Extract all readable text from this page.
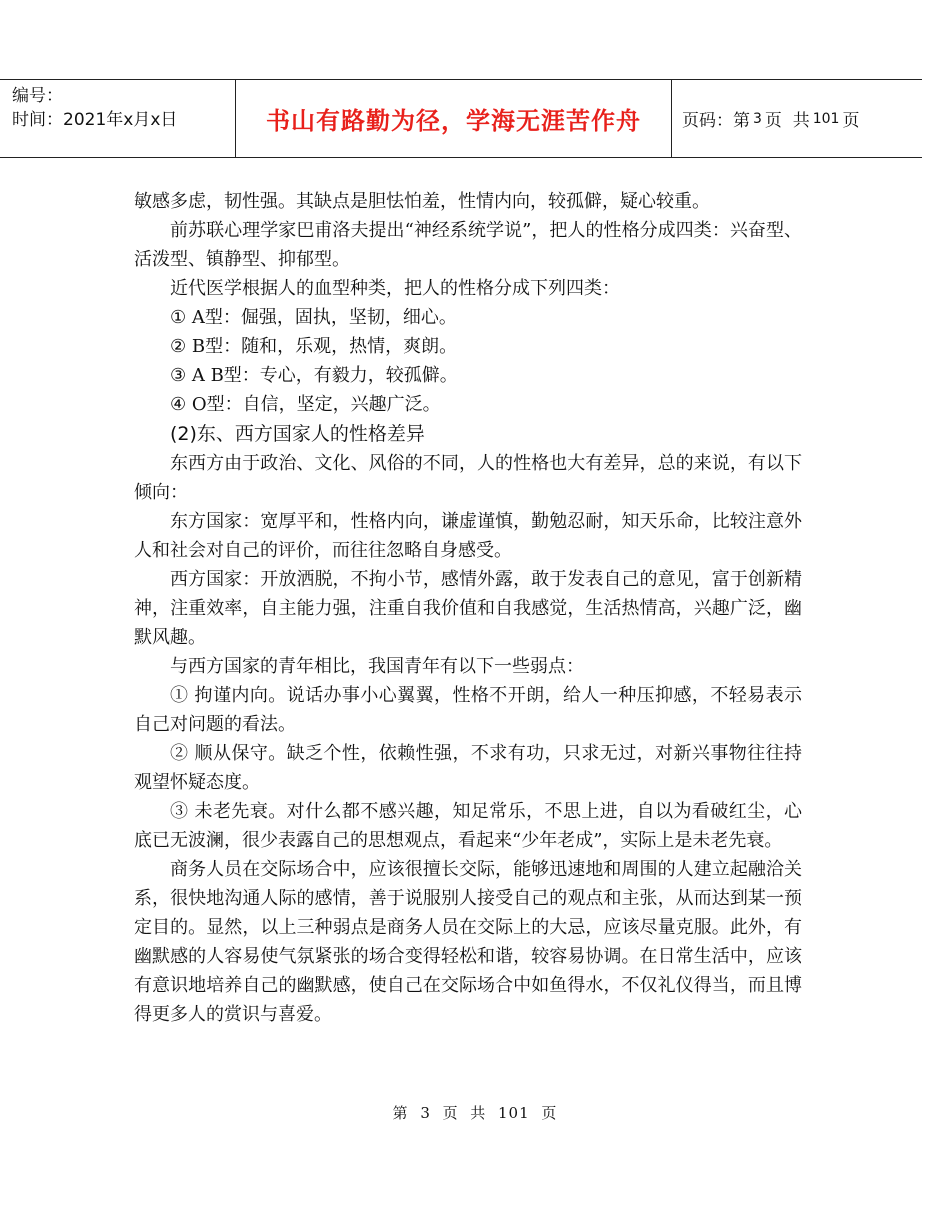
编号：
时间：2021年x月x日	书山有路勤为径，学海无涯苦作舟 页码：第 3 页  共 101 页

敏感多虑，韧性强。其缺点是胆怯怕羞，性情内向，较孤僻，疑心较重。

前苏联心理学家巴甫洛夫提出“神经系统学说”，把人的性格分成四类：兴奋型、活泼型、镇静型、抑郁型。

近代医学根据人的血型种类，把人的性格分成下列四类：

① A型：倔强，固执，坚韧，细心。

② B型：随和，乐观，热情，爽朗。

③ A B型：专心，有毅力，较孤僻。

④ O型：自信，坚定，兴趣广泛。

(2)东、西方国家人的性格差异

东西方由于政治、文化、风俗的不同，人的性格也大有差异，总的来说，有以下倾向：

东方国家：宽厚平和，性格内向，谦虚谨慎，勤勉忍耐，知天乐命，比较注意外人和社会对自己的评价，而往往忽略自身感受。

西方国家：开放洒脱，不拘小节，感情外露，敢于发表自己的意见，富于创新精神，注重效率，自主能力强，注重自我价值和自我感觉，生活热情高，兴趣广泛，幽默风趣。

与西方国家的青年相比，我国青年有以下一些弱点：

① 拘谨内向。说话办事小心翼翼，性格不开朗，给人一种压抑感，不轻易表示自己对问题的看法。

② 顺从保守。缺乏个性，依赖性强，不求有功，只求无过，对新兴事物往往持观望怀疑态度。

③ 未老先衰。对什么都不感兴趣，知足常乐，不思上进，自以为看破红尘，心底已无波澜，很少表露自己的思想观点，看起来“少年老成”，实际上是未老先衰。

商务人员在交际场合中，应该很擅长交际，能够迅速地和周围的人建立起融洽关系，很快地沟通人际的感情，善于说服别人接受自己的观点和主张，从而达到某一预定目的。显然，以上三种弱点是商务人员在交际上的大忌，应该尽量克服。此外，有幽默感的人容易使气氛紧张的场合变得轻松和谐，较容易协调。在日常生活中，应该有意识地培养自己的幽默感，使自己在交际场合中如鱼得水，不仅礼仪得当，而且博得更多人的赏识与喜爱。

第 3 页  共 101 页
